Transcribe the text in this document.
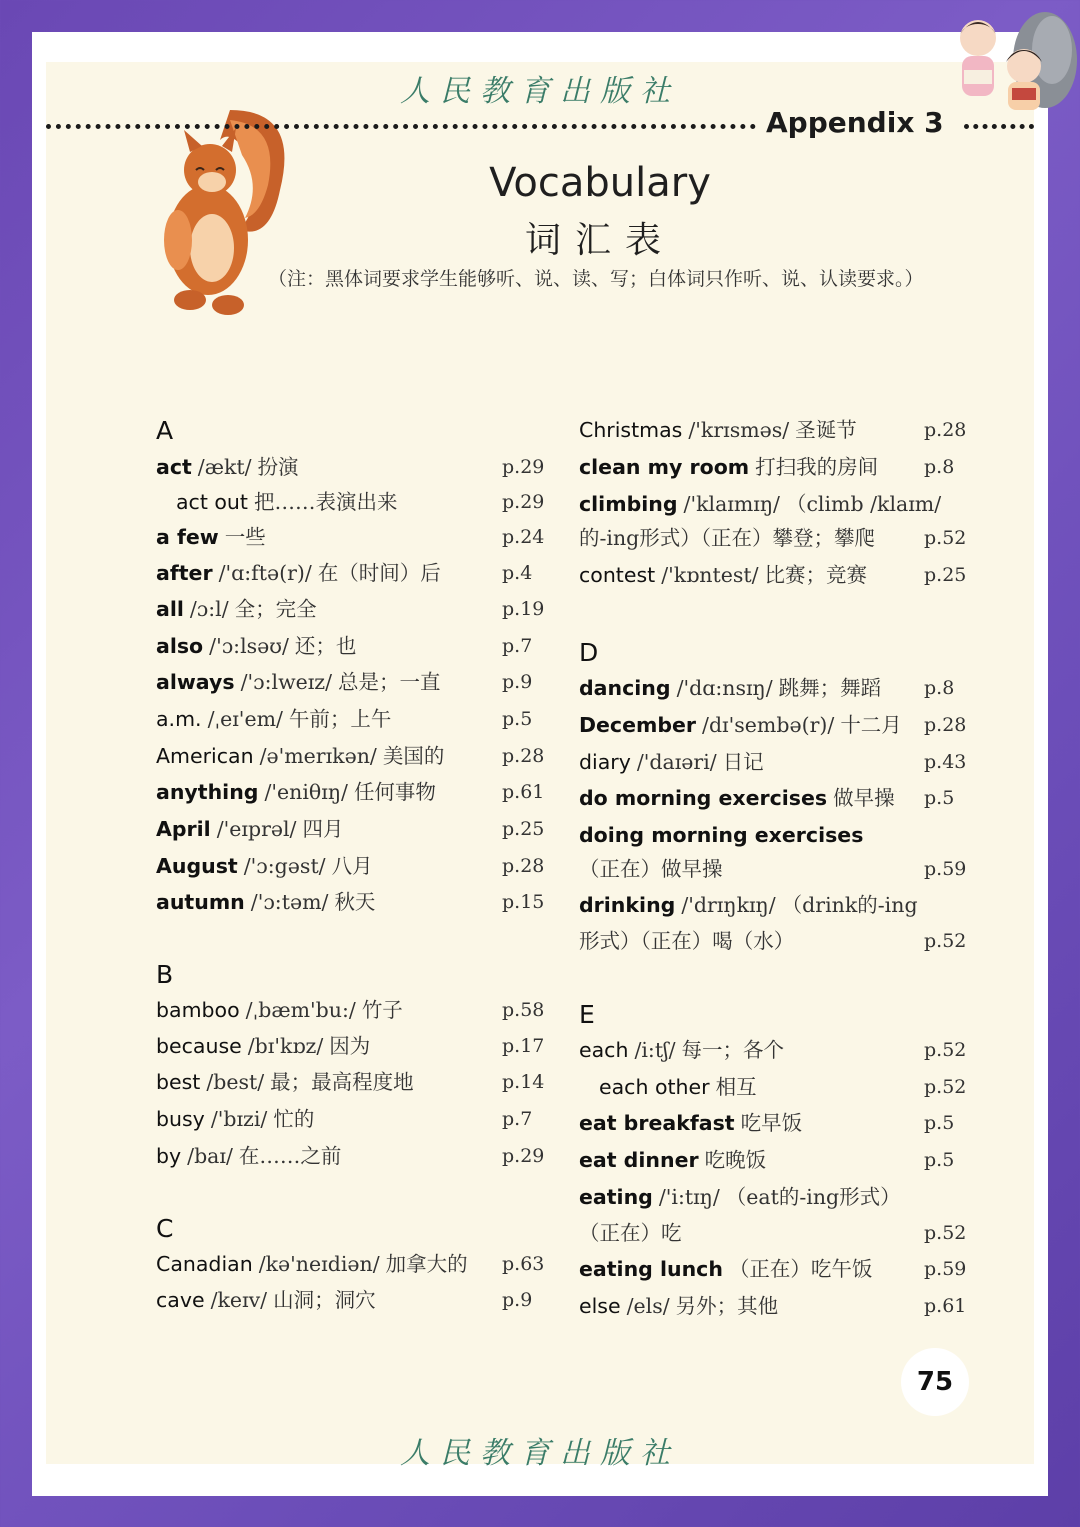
人民教育出版社
Appendix 3
Vocabulary
词汇表
（注：黑体词要求学生能够听、说、读、写；白体词只作听、说、认读要求。）
A
act /ækt/ 扮演	p.29
act out 把……表演出来	p.29
a few 一些	p.24
after /'ɑ:ftə(r)/ 在（时间）后	p.4
all /ɔ:l/ 全；完全	p.19
also /'ɔ:lsəʊ/ 还；也	p.7
always /'ɔ:lweɪz/ 总是；一直	p.9
a.m. /ˌeɪ'em/ 午前；上午	p.5
American /ə'merɪkən/ 美国的	p.28
anything /'eniθɪŋ/ 任何事物	p.61
April /'eɪprəl/ 四月	p.25
August /'ɔ:gəst/ 八月	p.28
autumn /'ɔ:təm/ 秋天	p.15
B
bamboo /ˌbæm'bu:/ 竹子	p.58
because /bɪ'kɒz/ 因为	p.17
best /best/ 最；最高程度地	p.14
busy /'bɪzi/ 忙的	p.7
by /baɪ/ 在……之前	p.29
C
Canadian /kə'neɪdiən/ 加拿大的 p.63
cave /keɪv/ 山洞；洞穴	p.9
Christmas /'krɪsməs/ 圣诞节	p.28
clean my room 打扫我的房间 p.8
climbing /'klaɪmɪŋ/ （climb /klaɪm/
的-ing形式）（正在）攀登；攀爬	p.52
contest /'kɒntest/ 比赛；竞赛	p.25
D
dancing /'dɑ:nsɪŋ/ 跳舞；舞蹈 p.8
December /dɪ'sembə(r)/ 十二月 p.28
diary /'daɪəri/ 日记	p.43
do morning exercises 做早操 p.5
doing morning exercises
（正在）做早操	p.59
drinking /'drɪŋkɪŋ/ （drink的-ing
形式）（正在）喝（水）	p.52
E
each /i:tʃ/ 每一；各个	p.52
each other 相互	p.52
eat breakfast 吃早饭	p.5
eat dinner 吃晚饭	p.5
eating /'i:tɪŋ/ （eat的-ing形式）
（正在）吃	p.52
eating lunch （正在）吃午饭	p.59
else /els/ 另外；其他	p.61
75
人民教育出版社
